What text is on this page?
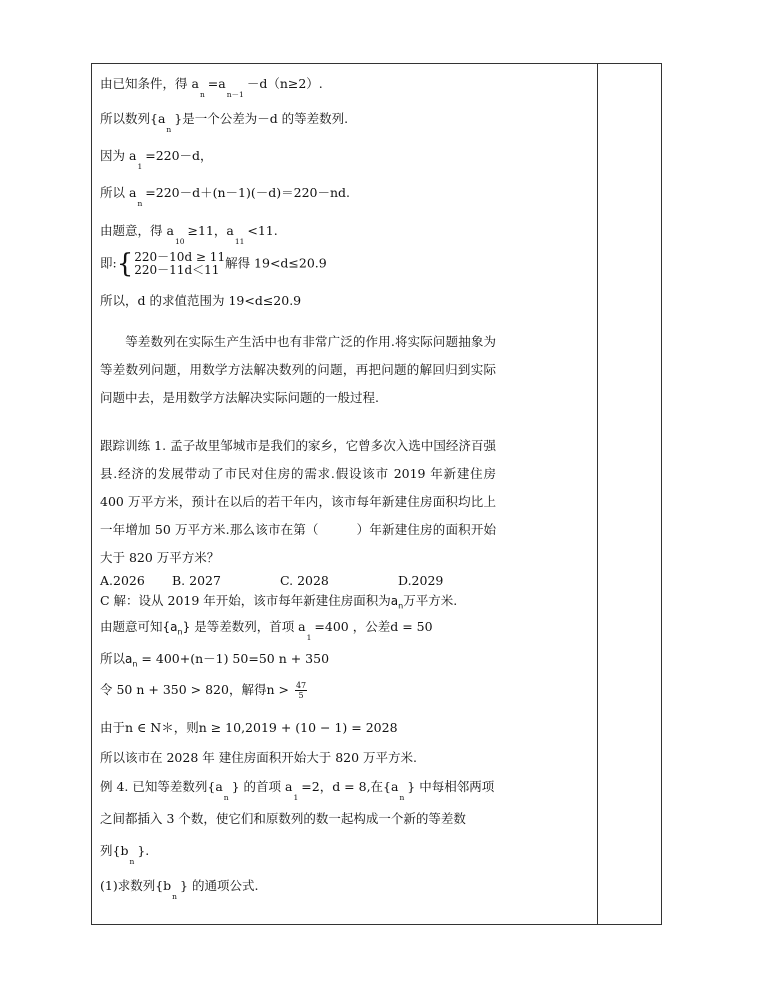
由已知条件，得 $a_n=a_{n-1}-d(n\ge 2)$.
所以数列$\{a_n\}$是一个公差为－d 的等差数列.
因为 $a_1=220-d$，
所以 $a_n=220-d+(n-1)(-d)=220-nd$.
由题意，得 $a_{10}\ge 11$，$a_{11}<11$.
即:{ 220－10d ≥ 11
220－11d＜11 解得 19<d≤20.9
所以，d 的求值范围为 19<d≤20.9
　　等差数列在实际生产生活中也有非常广泛的作用.将实际问题抽象为等差数列问题，用数学方法解决数列的问题，再把问题的解回归到实际问题中去，是用数学方法解决实际问题的一般过程.
跟踪训练 1. 孟子故里邹城市是我们的家乡，它曾多次入选中国经济百强县.经济的发展带动了市民对住房的需求.假设该市 2019 年新建住房 400 万平方米，预计在以后的若干年内，该市每年新建住房面积均比上一年增加 50 万平方米.那么该市在第（　　　）年新建住房的面积开始大于 820 万平方米？
A.2026 B. 2027	C. 2028	D.2029
C 解：设从 2019 年开始，该市每年新建住房面积为$a_n$万平方米.
由题意可知$\{a_n\}$ 是等差数列，首项 $a_1=400$ ，公差d = 50
所以$a_n = 400+(n-1)$ 50=50 n + 350
令 50 n + 350 > 820，解得$n > \frac{47}{5}$
由于n ∈ N＊，则n ≥ 10,2019 + (10 − 1) = 2028
所以该市在 2028 年 建住房面积开始大于 820 万平方米.
例 4. 已知等差数列$\{a_n\}$ 的首项 $a_1=2$，d = 8,在$\{a_n\}$ 中每相邻两项
之间都插入 3 个数，使它们和原数列的数一起构成一个新的等差数
列$\{b_n\}$.
(1)求数列$\{b_n\}$ 的通项公式.
